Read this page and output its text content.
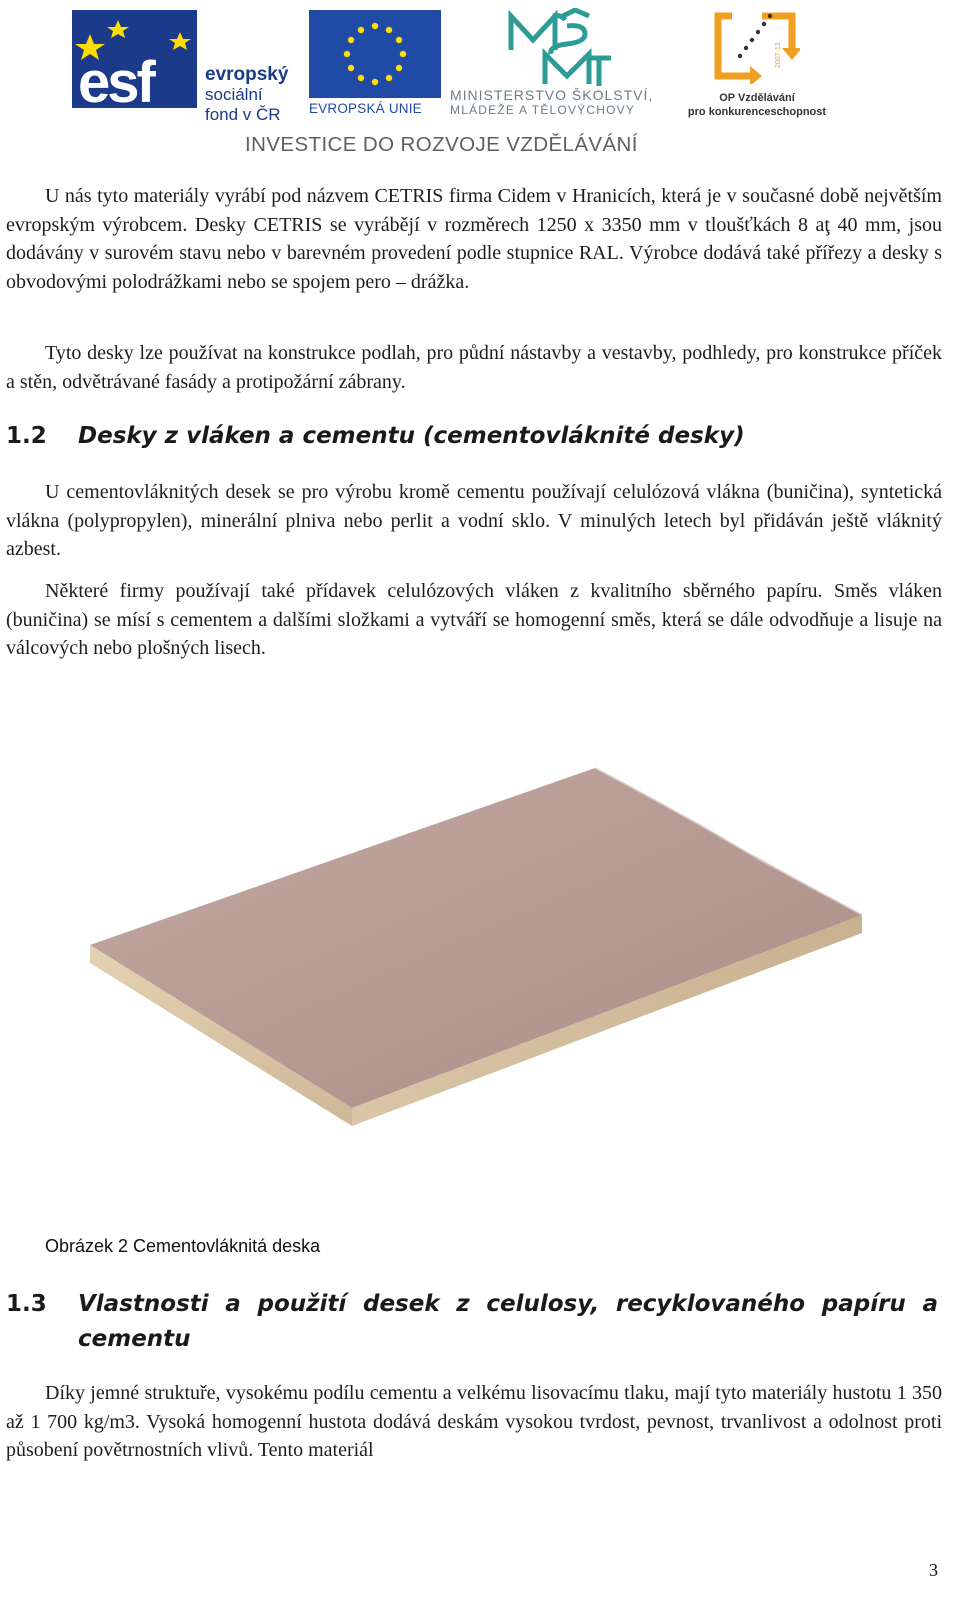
esf	evropský
sociální
fond v ČR	EVROPSKÁ UNIE
MINISTERSTVO ŠKOLSTVÍ,
MLÁDEŽE A TĚLOVÝCHOVY
2007-13
OP Vzdělávání
pro konkurenceschopnost
INVESTICE DO ROZVOJE VZDĚLÁVÁNÍ
U nás tyto materiály vyrábí pod názvem CETRIS firma Cidem v Hranicích, která je v současné době největším evropským výrobcem. Desky CETRIS se vyrábějí v rozměrech 1250 x 3350 mm v tloušťkách 8 aţ 40 mm, jsou dodávány v surovém stavu nebo v barevném provedení podle stupnice RAL. Výrobce dodává také přířezy a desky s obvodovými polodrážkami nebo se spojem pero – drážka.
Tyto desky lze používat na konstrukce podlah, pro půdní nástavby a vestavby, podhledy, pro konstrukce příček a stěn, odvětrávané fasády a protipožární zábrany.
1.2 Desky z vláken a cementu (cementovláknité desky)
U cementovláknitých desek se pro výrobu kromě cementu používají celulózová vlákna (buničina), syntetická vlákna (polypropylen), minerální plniva nebo perlit a vodní sklo. V minulých letech byl přidáván ještě vláknitý azbest.
Některé firmy používají také přídavek celulózových vláken z kvalitního sběrného papíru. Směs vláken (buničina) se mísí s cementem a dalšími složkami a vytváří se homogenní směs, která se dále odvodňuje a lisuje na válcových nebo plošných lisech.
Obrázek 2 Cementovláknitá deska
1.3 Vlastnosti a použití desek z celulosy, recyklovaného papíru a cementu
Díky jemné struktuře, vysokému podílu cementu a velkému lisovacímu tlaku, mají tyto materiály hustotu 1 350 až 1 700 kg/m3. Vysoká homogenní hustota dodává deskám vysokou tvrdost, pevnost, trvanlivost a odolnost proti působení povětrnostních vlivů. Tento materiál
3
